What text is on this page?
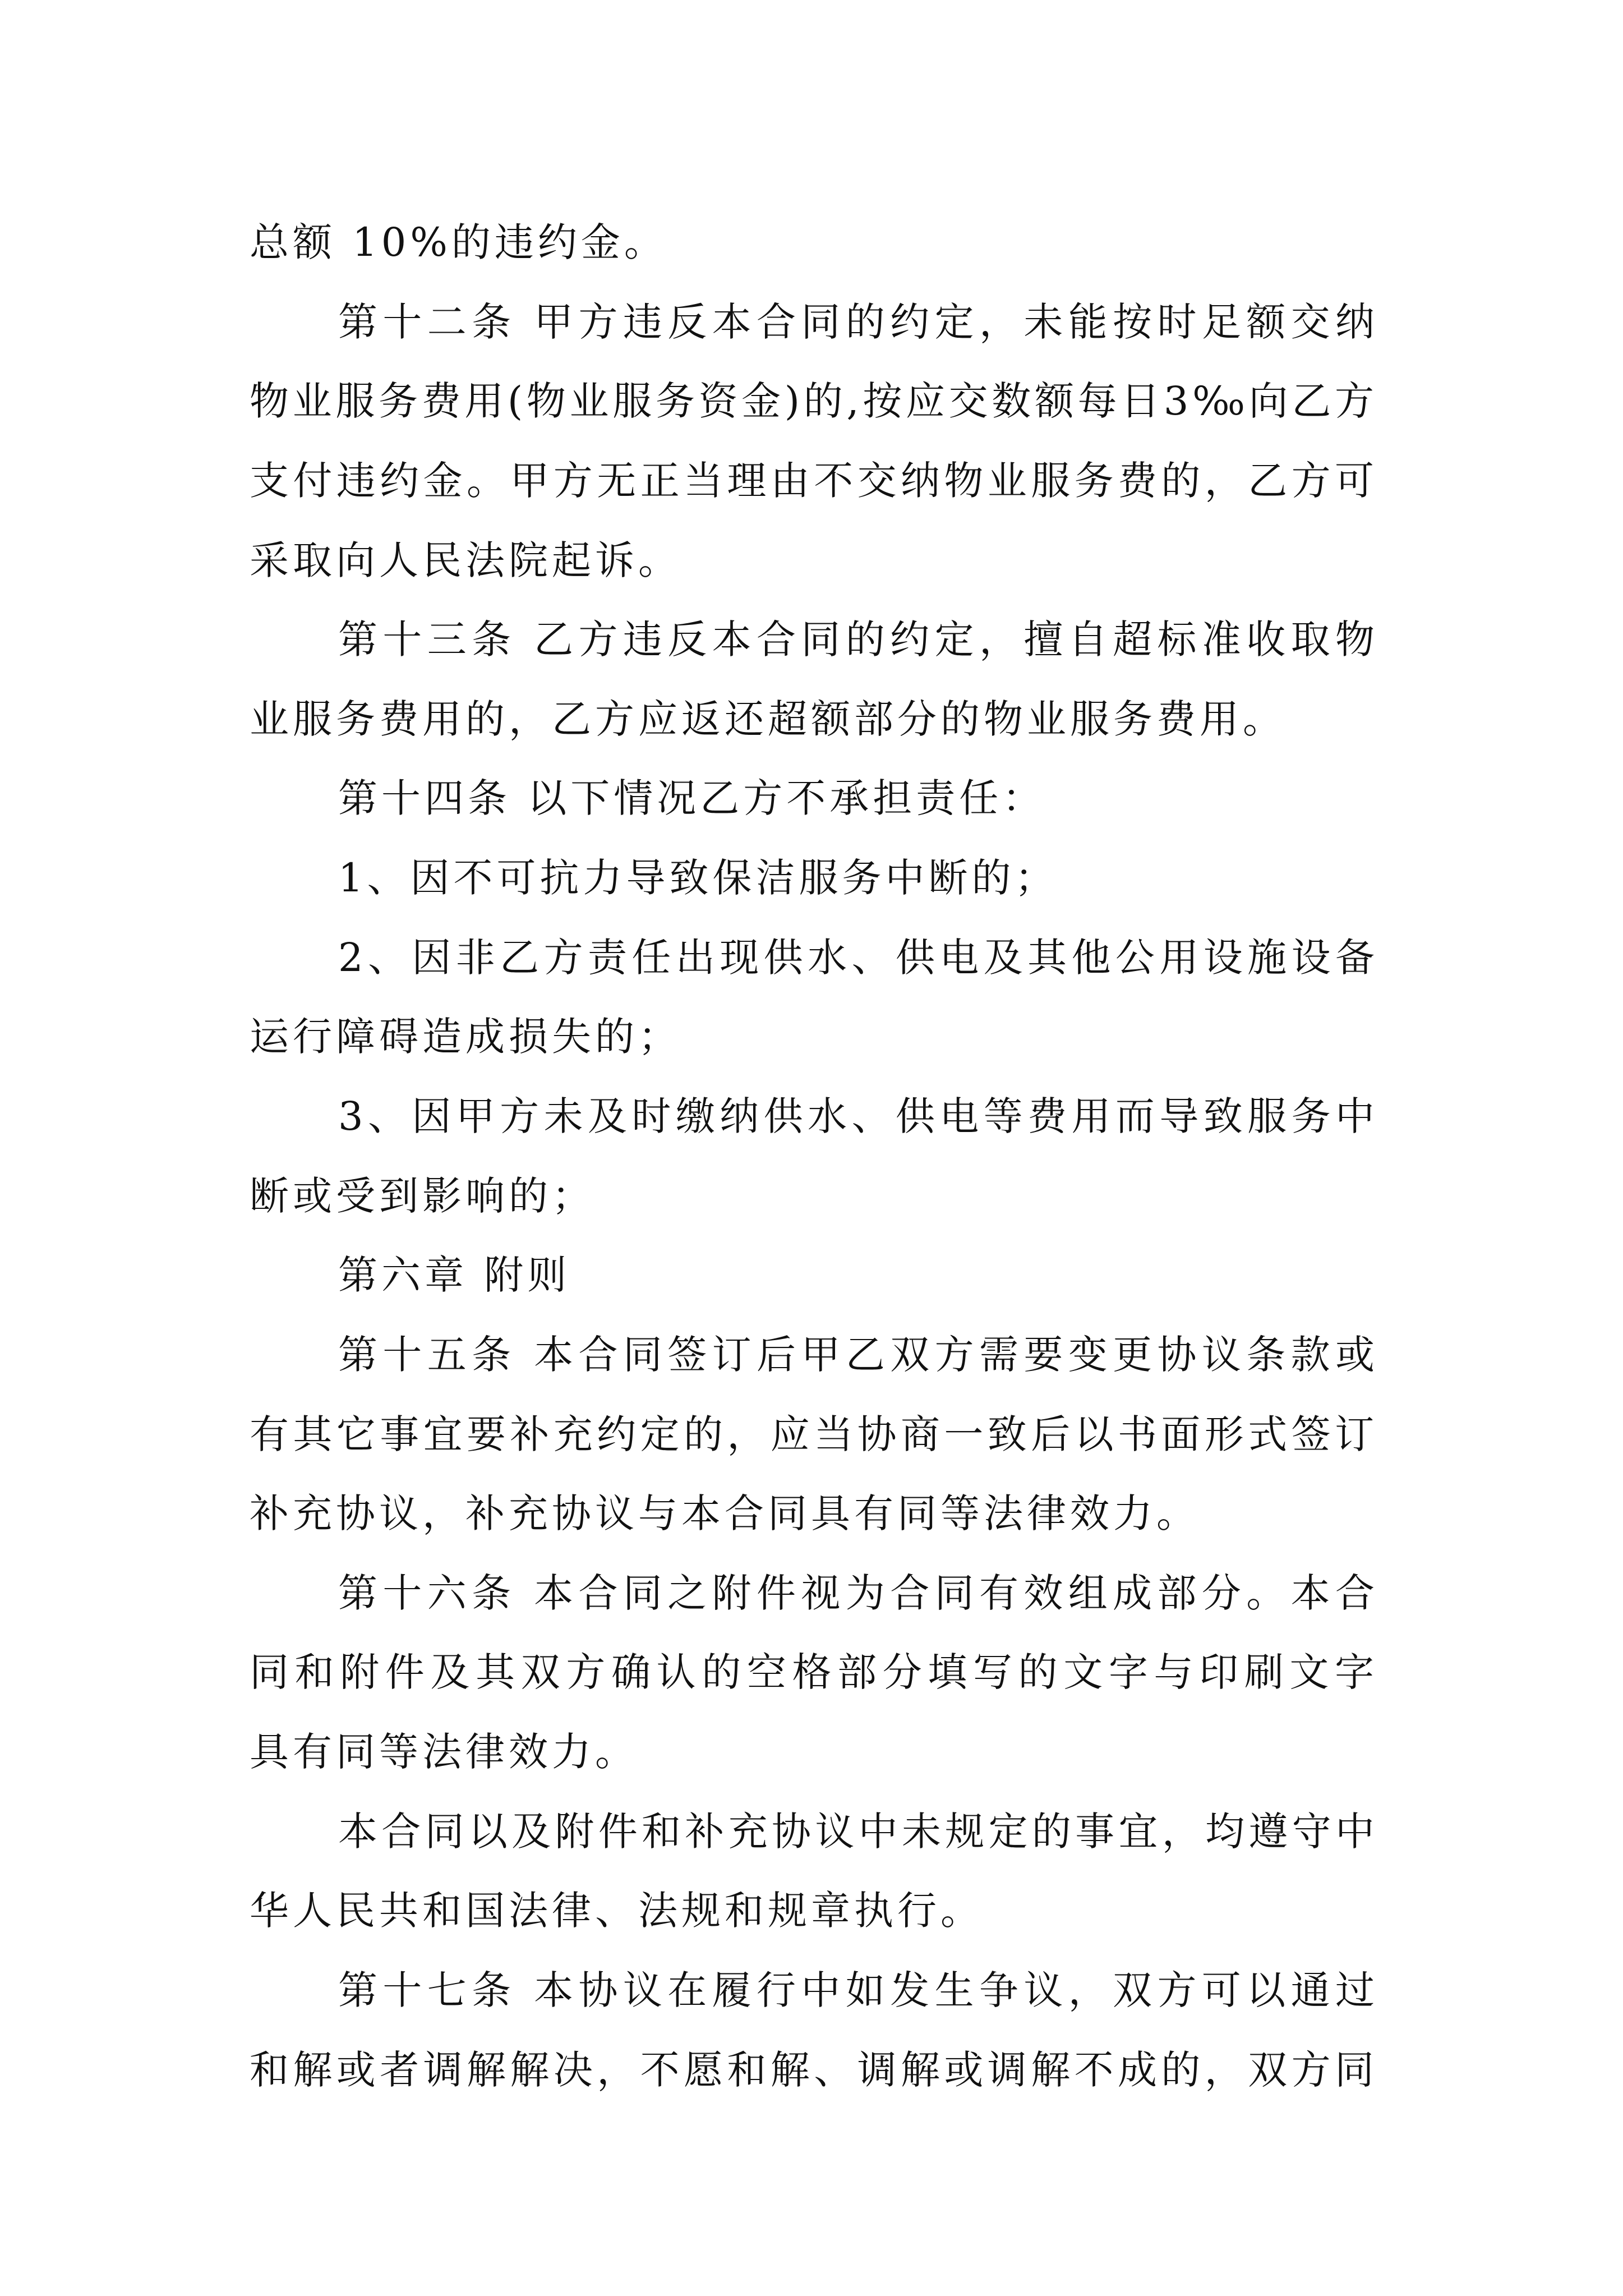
总额 10%的违约金。
第十二条 甲方违反本合同的约定，未能按时足额交纳
物业服务费用(物业服务资金)的,按应交数额每日3‰向乙方
支付违约金。甲方无正当理由不交纳物业服务费的，乙方可
采取向人民法院起诉。
第十三条 乙方违反本合同的约定，擅自超标准收取物
业服务费用的，乙方应返还超额部分的物业服务费用。
第十四条 以下情况乙方不承担责任：
1、因不可抗力导致保洁服务中断的；
2、因非乙方责任出现供水、供电及其他公用设施设备
运行障碍造成损失的；
3、因甲方未及时缴纳供水、供电等费用而导致服务中
断或受到影响的；
第六章 附则
第十五条 本合同签订后甲乙双方需要变更协议条款或
有其它事宜要补充约定的，应当协商一致后以书面形式签订
补充协议，补充协议与本合同具有同等法律效力。
第十六条 本合同之附件视为合同有效组成部分。本合
同和附件及其双方确认的空格部分填写的文字与印刷文字
具有同等法律效力。
本合同以及附件和补充协议中未规定的事宜，均遵守中
华人民共和国法律、法规和规章执行。
第十七条 本协议在履行中如发生争议，双方可以通过
和解或者调解解决，不愿和解、调解或调解不成的，双方同
